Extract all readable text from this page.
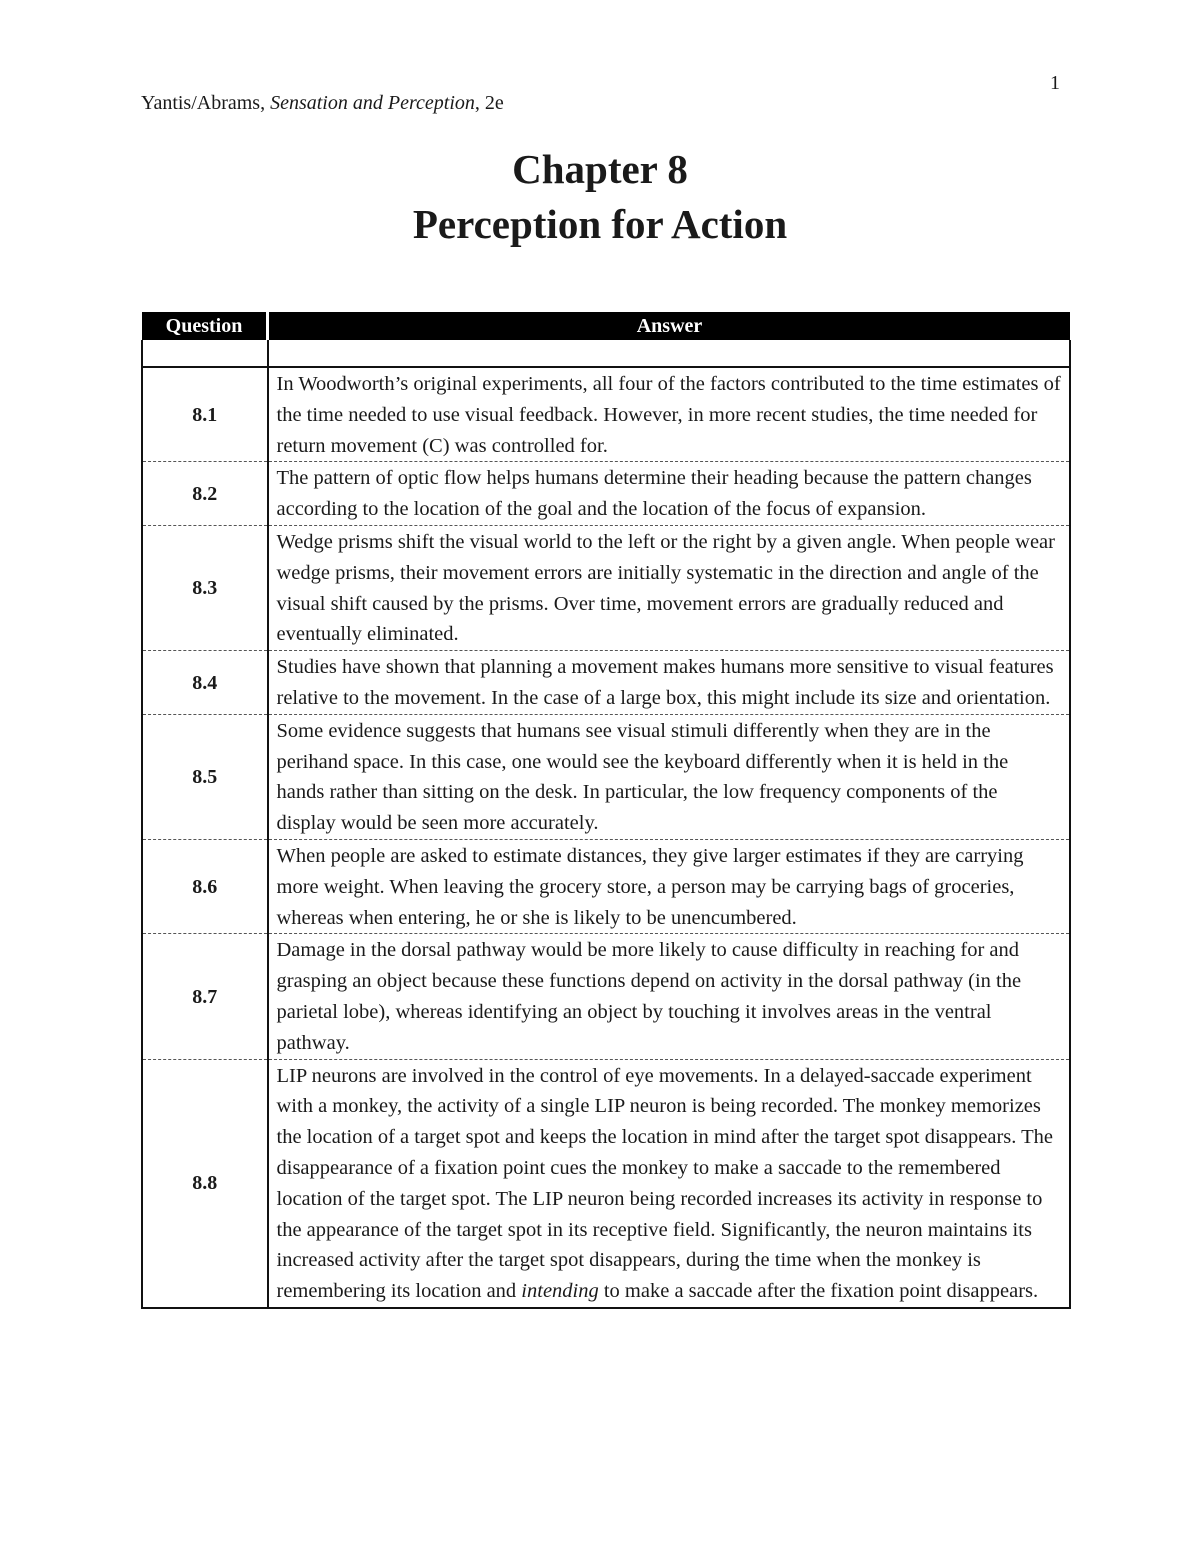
1
Yantis/Abrams, Sensation and Perception, 2e
Chapter 8
Perception for Action
Question	Answer

8.1	In Woodworth’s original experiments, all four of the factors contributed to the time estimates of the time needed to use visual feedback. However, in more recent studies, the time needed for return movement (C) was controlled for.
8.2	The pattern of optic flow helps humans determine their heading because the pattern changes according to the location of the goal and the location of the focus of expansion.
8.3	Wedge prisms shift the visual world to the left or the right by a given angle. When people wear wedge prisms, their movement errors are initially systematic in the direction and angle of the visual shift caused by the prisms. Over time, movement errors are gradually reduced and eventually eliminated.
8.4	Studies have shown that planning a movement makes humans more sensitive to visual features relative to the movement. In the case of a large box, this might include its size and orientation.
8.5	Some evidence suggests that humans see visual stimuli differently when they are in the perihand space. In this case, one would see the keyboard differently when it is held in the hands rather than sitting on the desk. In particular, the low frequency components of the display would be seen more accurately.
8.6	When people are asked to estimate distances, they give larger estimates if they are carrying more weight. When leaving the grocery store, a person may be carrying bags of groceries, whereas when entering, he or she is likely to be unencumbered.
8.7	Damage in the dorsal pathway would be more likely to cause difficulty in reaching for and grasping an object because these functions depend on activity in the dorsal pathway (in the parietal lobe), whereas identifying an object by touching it involves areas in the ventral pathway.
8.8	LIP neurons are involved in the control of eye movements. In a delayed-saccade experiment with a monkey, the activity of a single LIP neuron is being recorded. The monkey memorizes the location of a target spot and keeps the location in mind after the target spot disappears. The disappearance of a fixation point cues the monkey to make a saccade to the remembered location of the target spot. The LIP neuron being recorded increases its activity in response to the appearance of the target spot in its receptive field. Significantly, the neuron maintains its increased activity after the target spot disappears, during the time when the monkey is remembering its location and intending to make a saccade after the fixation point disappears.
